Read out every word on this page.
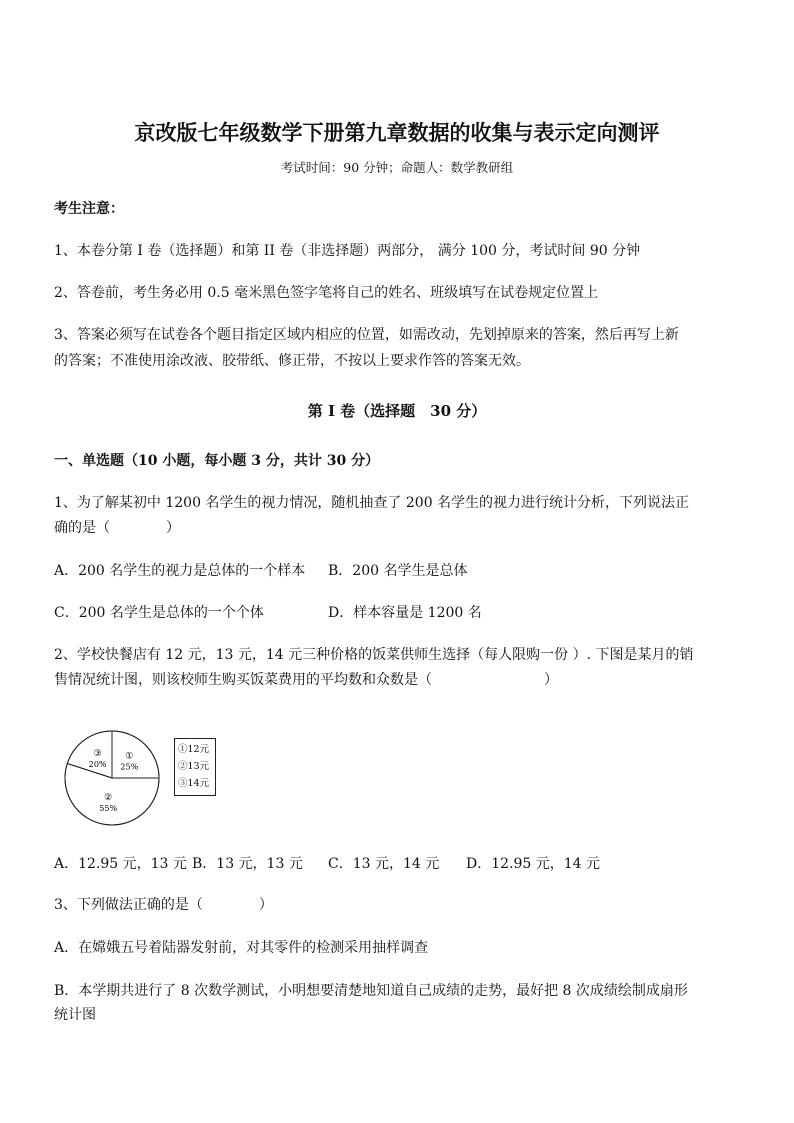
京改版七年级数学下册第九章数据的收集与表示定向测评
考试时间：90 分钟；命题人：数学教研组
考生注意：
1、本卷分第 I 卷（选择题）和第 II 卷（非选择题）两部分， 满分 100 分，考试时间 90 分钟
2、答卷前，考生务必用 0.5 毫米黑色签字笔将自己的姓名、班级填写在试卷规定位置上
3、答案必须写在试卷各个题目指定区域内相应的位置，如需改动，先划掉原来的答案，然后再写上新
的答案；不准使用涂改液、胶带纸、修正带，不按以上要求作答的答案无效。
第 I 卷（选择题　30 分）
一、单选题（10 小题，每小题 3 分，共计 30 分）
1、为了解某初中 1200 名学生的视力情况，随机抽查了 200 名学生的视力进行统计分析，下列说法正
确的是（　　　　）
A．200 名学生的视力是总体的一个样本 B．200 名学生是总体
C．200 名学生是总体的一个个体	D．样本容量是 1200 名
2、学校快餐店有 12 元，13 元，14 元三种价格的饭菜供师生选择（每人限购一份 ）. 下图是某月的销
售情况统计图，则该校师生购买饭菜费用的平均数和众数是（　　　　　　　　）
①
25%
②
55%
③
20%
①12元
②13元
③14元
A．12.95 元，13 元 B．13 元，13 元 C．13 元，14 元 D．12.95 元，14 元
3、下列做法正确的是（　　　　）
A．在嫦娥五号着陆器发射前，对其零件的检测采用抽样调查
B．本学期共进行了 8 次数学测试，小明想要清楚地知道自己成绩的走势，最好把 8 次成绩绘制成扇形
统计图
